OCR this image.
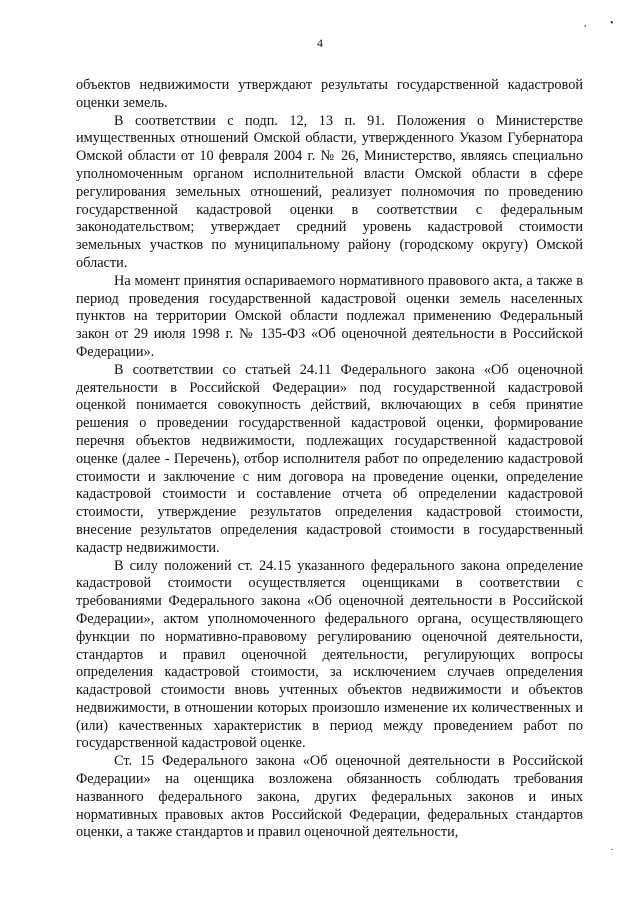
4
, •
.

объектов недвижимости утверждают результаты государственной кадастровой оценки земель.

В соответствии с подп. 12, 13 п. 91. Положения о Министерстве имущественных отношений Омской области, утвержденного Указом Губернатора Омской области от 10 февраля 2004 г. № 26, Министерство, являясь специально уполномоченным органом исполнительной власти Омской области в сфере регулирования земельных отношений, реализует полномочия по проведению государственной кадастровой оценки в соответствии с федеральным законодательством; утверждает средний уровень кадастровой стоимости земельных участков по муниципальному району (городскому округу) Омской области.

На момент принятия оспариваемого нормативного правового акта, а также в период проведения государственной кадастровой оценки земель населенных пунктов на территории Омской области подлежал применению Федеральный закон от 29 июля 1998 г. № 135-ФЗ «Об оценочной деятельности в Российской Федерации».

В соответствии со статьей 24.11 Федерального закона «Об оценочной деятельности в Российской Федерации» под государственной кадастровой оценкой понимается совокупность действий, включающих в себя принятие решения о проведении государственной кадастровой оценки, формирование перечня объектов недвижимости, подлежащих государственной кадастровой оценке (далее - Перечень), отбор исполнителя работ по определению кадастровой стоимости и заключение с ним договора на проведение оценки, определение кадастровой стоимости и составление отчета об определении кадастровой стоимости, утверждение результатов определения кадастровой стоимости, внесение результатов определения кадастровой стоимости в государственный кадастр недвижимости.

В силу положений ст. 24.15 указанного федерального закона определение кадастровой стоимости осуществляется оценщиками в соответствии с требованиями Федерального закона «Об оценочной деятельности в Российской Федерации», актом уполномоченного федерального органа, осуществляющего функции по нормативно-правовому регулированию оценочной деятельности, стандартов и правил оценочной деятельности, регулирующих вопросы определения кадастровой стоимости, за исключением случаев определения кадастровой стоимости вновь учтенных объектов недвижимости и объектов недвижимости, в отношении которых произошло изменение их количественных и (или) качественных характеристик в период между проведением работ по государственной кадастровой оценке.

Ст. 15 Федерального закона «Об оценочной деятельности в Российской Федерации» на оценщика возложена обязанность соблюдать требования названного федерального закона, других федеральных законов и иных нормативных правовых актов Российской Федерации, федеральных стандартов оценки, а также стандартов и правил оценочной деятельности,
